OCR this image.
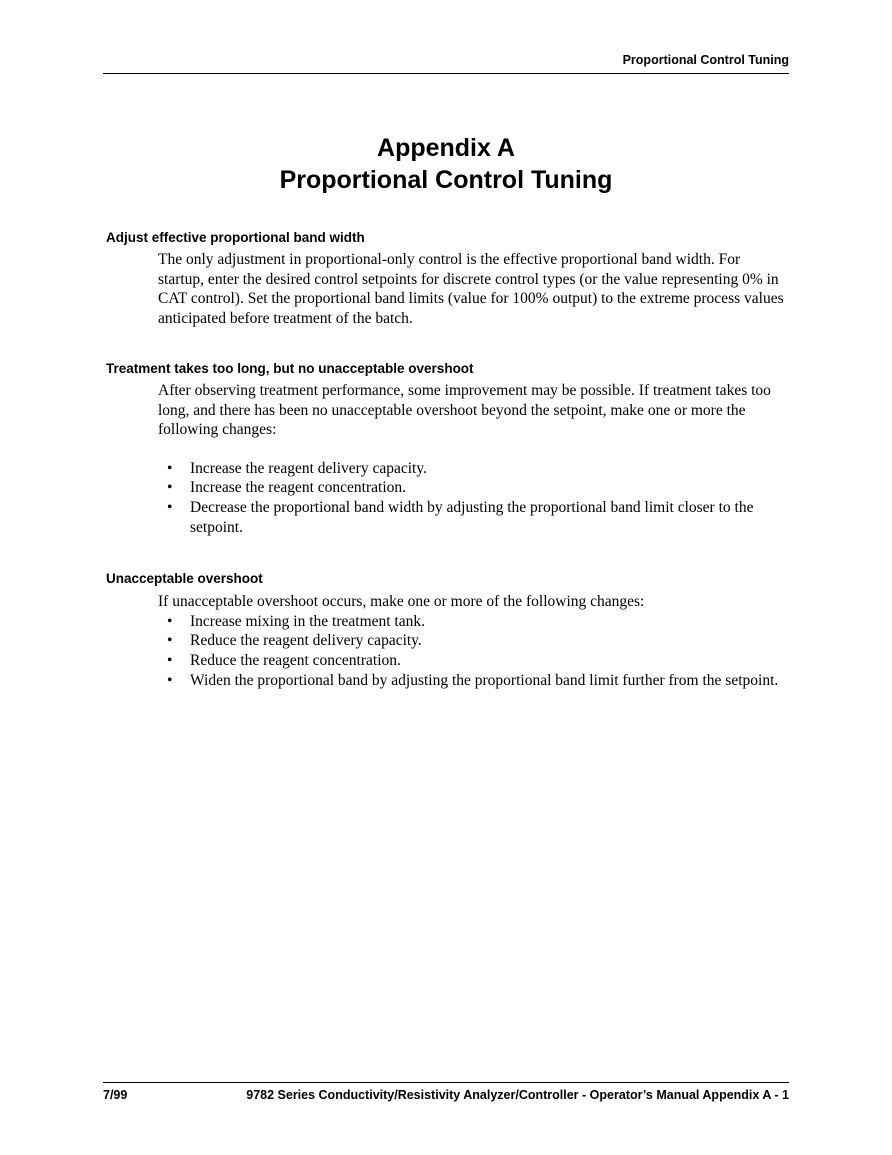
Proportional Control Tuning
Appendix A
Proportional Control Tuning
Adjust effective proportional band width

The only adjustment in proportional-only control is the effective proportional band width. For startup, enter the desired control setpoints for discrete control types (or the value representing 0% in CAT control). Set the proportional band limits (value for 100% output) to the extreme process values anticipated before treatment of the batch.

Treatment takes too long, but no unacceptable overshoot

After observing treatment performance, some improvement may be possible. If treatment takes too long, and there has been no unacceptable overshoot beyond the setpoint, make one or more the following changes:

• Increase the reagent delivery capacity.
• Increase the reagent concentration.
• Decrease the proportional band width by adjusting the proportional band limit closer to the setpoint.
Unacceptable overshoot

If unacceptable overshoot occurs, make one or more of the following changes:

• Increase mixing in the treatment tank.
• Reduce the reagent delivery capacity.
• Reduce the reagent concentration.
• Widen the proportional band by adjusting the proportional band limit further from the setpoint.
7/99	9782 Series Conductivity/Resistivity Analyzer/Controller - Operator’s Manual Appendix A - 1
